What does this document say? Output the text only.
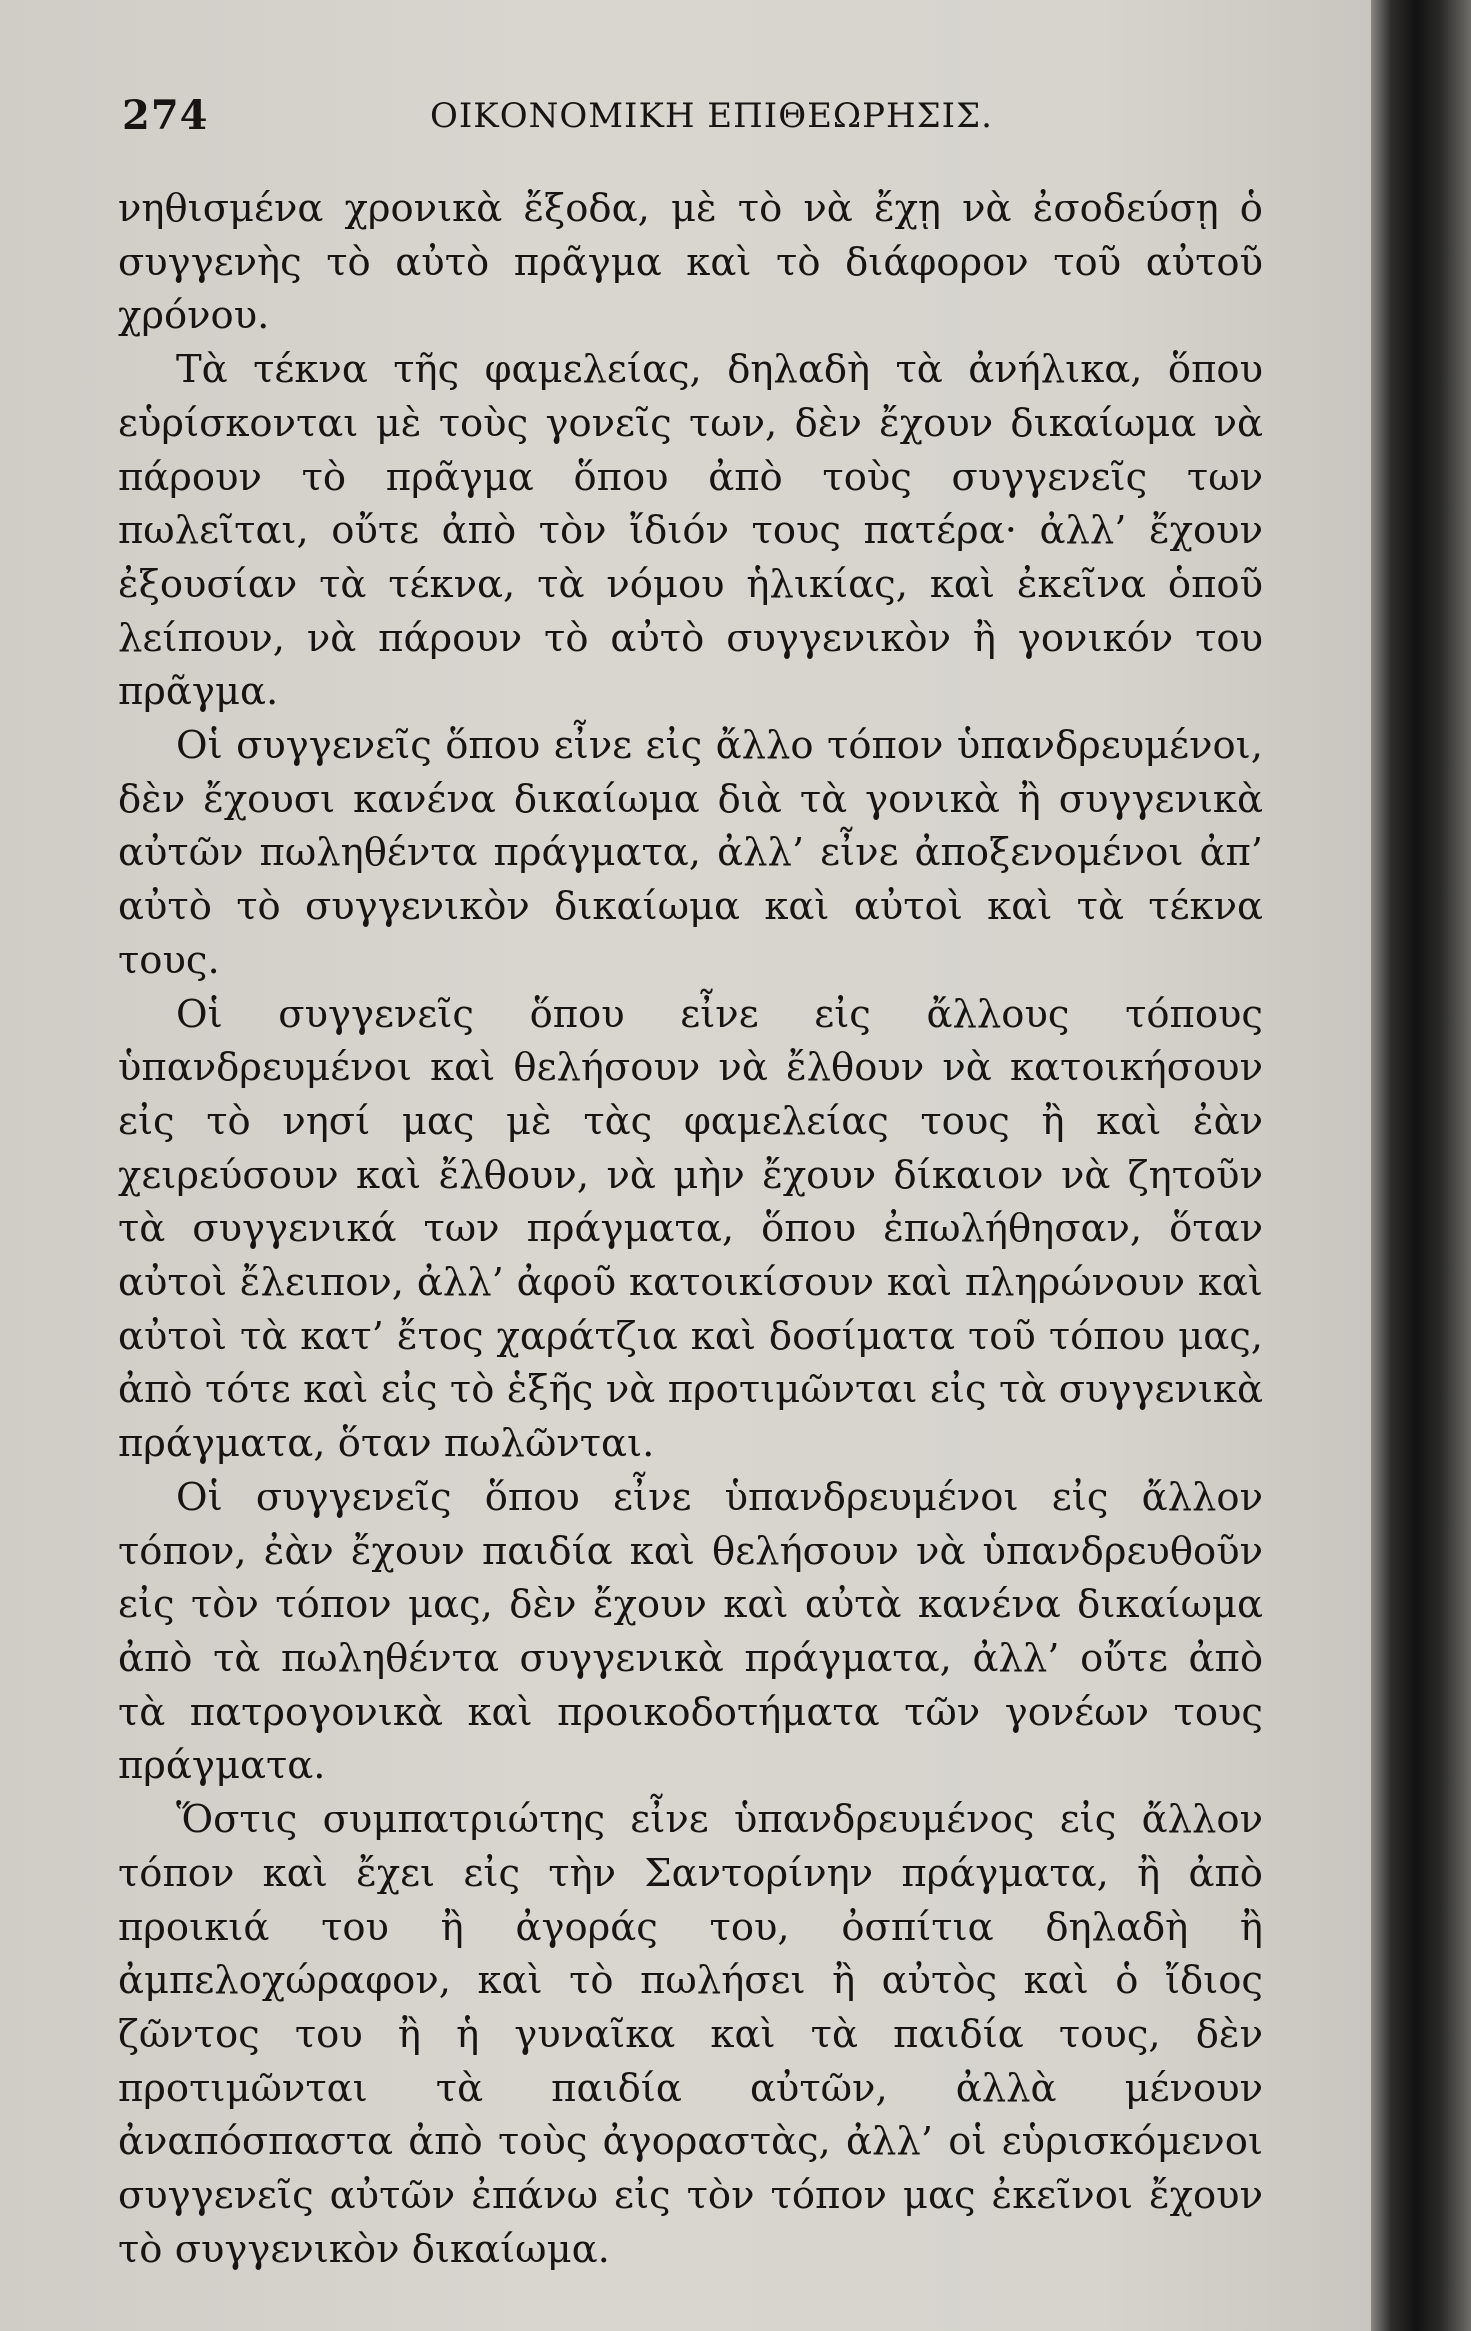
274	ΟΙΚΟΝΟΜΙΚΗ ΕΠΙΘΕΩΡΗΣΙΣ.

νηθισμένα χρονικὰ ἔξοδα, μὲ τὸ νὰ ἔχῃ νὰ ἐσοδεύσῃ ὁ συγγενὴς τὸ αὐτὸ πρᾶγμα καὶ τὸ διάφορον τοῦ αὐτοῦ χρόνου.

Τὰ τέκνα τῆς φαμελείας, δηλαδὴ τὰ ἀνήλικα, ὅπου εὑρίσκονται μὲ τοὺς γονεῖς των, δὲν ἔχουν δικαίωμα νὰ πάρουν τὸ πρᾶγμα ὅπου ἀπὸ τοὺς συγγενεῖς των πωλεῖται, οὔτε ἀπὸ τὸν ἴδιόν τους πατέρα· ἀλλ’ ἔχουν ἐξουσίαν τὰ τέκνα, τὰ νόμου ἡλικίας, καὶ ἐκεῖνα ὁποῦ λείπουν, νὰ πάρουν τὸ αὐτὸ συγγενικὸν ἢ γονικόν του πρᾶγμα.

Οἱ συγγενεῖς ὅπου εἶνε εἰς ἄλλο τόπον ὑπανδρευμένοι, δὲν ἔχουσι κανένα δικαίωμα διὰ τὰ γονικὰ ἢ συγγενικὰ αὐτῶν πωληθέντα πράγματα, ἀλλ’ εἶνε ἀποξενομένοι ἀπ’ αὐτὸ τὸ συγγενικὸν δικαίωμα καὶ αὐτοὶ καὶ τὰ τέκνα τους.

Οἱ συγγενεῖς ὅπου εἶνε εἰς ἄλλους τόπους ὑπανδρευμένοι καὶ θελήσουν νὰ ἔλθουν νὰ κατοικήσουν εἰς τὸ νησί μας μὲ τὰς φαμελείας τους ἢ καὶ ἐὰν χειρεύσουν καὶ ἔλθουν, νὰ μὴν ἔχουν δίκαιον νὰ ζητοῦν τὰ συγγενικά των πράγματα, ὅπου ἐπωλήθησαν, ὅταν αὐτοὶ ἔλειπον, ἀλλ’ ἀφοῦ κατοικίσουν καὶ πληρώνουν καὶ αὐτοὶ τὰ κατ’ ἔτος χαράτζια καὶ δοσίματα τοῦ τόπου μας, ἀπὸ τότε καὶ εἰς τὸ ἑξῆς νὰ προτιμῶνται εἰς τὰ συγγενικὰ πράγματα, ὅταν πωλῶνται.

Οἱ συγγενεῖς ὅπου εἶνε ὑπανδρευμένοι εἰς ἄλλον τόπον, ἐὰν ἔχουν παιδία καὶ θελήσουν νὰ ὑπανδρευθοῦν εἰς τὸν τόπον μας, δὲν ἔχουν καὶ αὐτὰ κανένα δικαίωμα ἀπὸ τὰ πωληθέντα συγγενικὰ πράγματα, ἀλλ’ οὔτε ἀπὸ τὰ πατρογονικὰ καὶ προικοδοτήματα τῶν γονέων τους πράγματα.

Ὅστις συμπατριώτης εἶνε ὑπανδρευμένος εἰς ἄλλον τόπον καὶ ἔχει εἰς τὴν Σαντορίνην πράγματα, ἢ ἀπὸ προικιά του ἢ ἀγοράς του, ὀσπίτια δηλαδὴ ἢ ἀμπελοχώραφον, καὶ τὸ πωλήσει ἢ αὐτὸς καὶ ὁ ἴδιος ζῶντος του ἢ ἡ γυναῖκα καὶ τὰ παιδία τους, δὲν προτιμῶνται τὰ παιδία αὐτῶν, ἀλλὰ μένουν ἀναπόσπαστα ἀπὸ τοὺς ἀγοραστὰς, ἀλλ’ οἱ εὑρισκόμενοι συγγενεῖς αὐτῶν ἐπάνω εἰς τὸν τόπον μας ἐκεῖνοι ἔχουν τὸ συγγενικὸν δικαίωμα.
